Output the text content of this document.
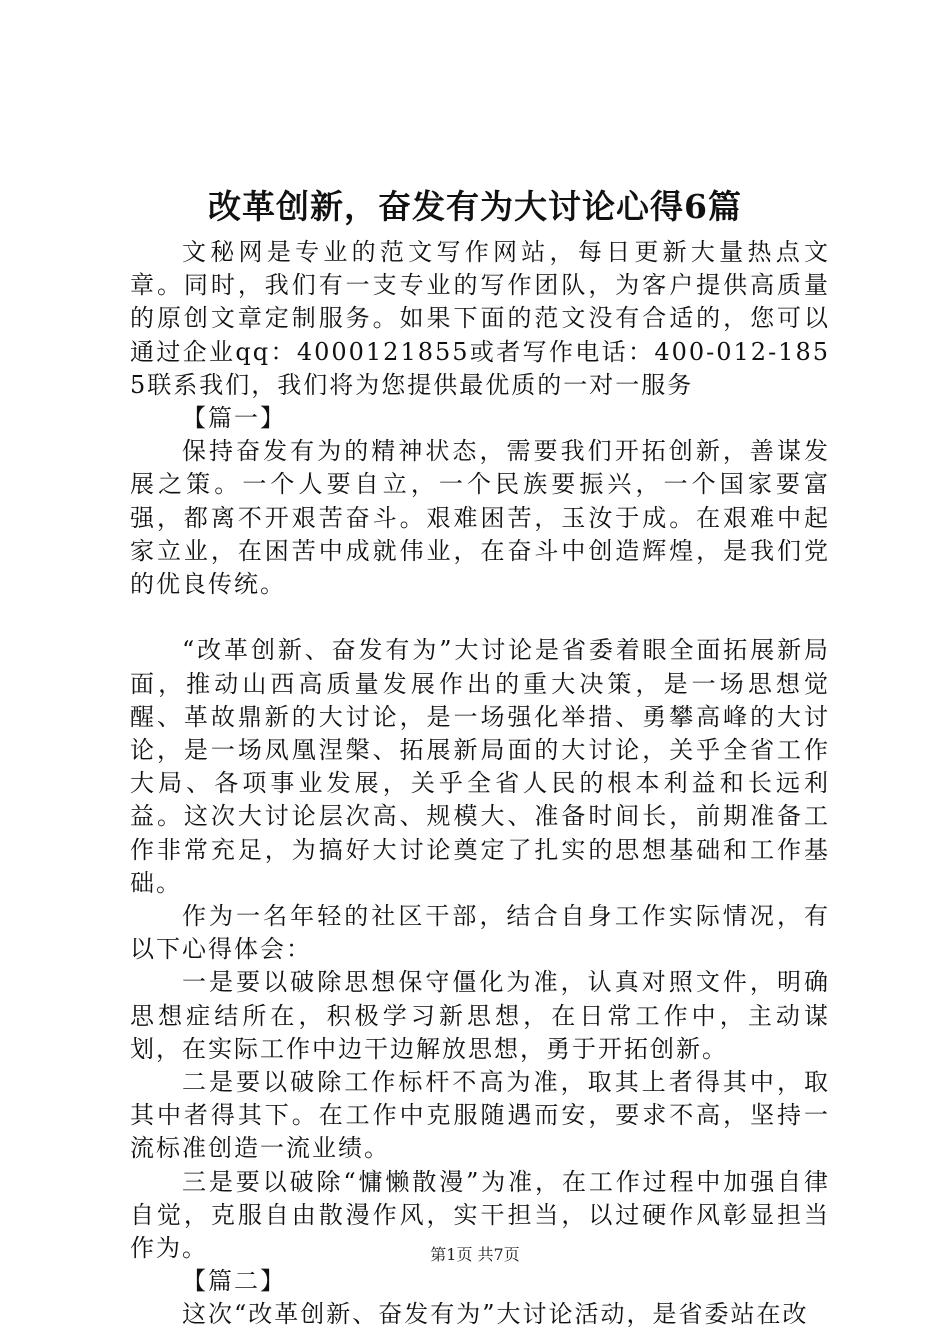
改革创新，奋发有为大讨论心得6篇

文秘网是专业的范文写作网站，每日更新大量热点文章。同时，我们有一支专业的写作团队，为客户提供高质量的原创文章定制服务。如果下面的范文没有合适的，您可以通过企业qq：4000121855或者写作电话：400-012-1855联系我们，我们将为您提供最优质的一对一服务

【篇一】

保持奋发有为的精神状态，需要我们开拓创新，善谋发展之策。一个人要自立，一个民族要振兴，一个国家要富强，都离不开艰苦奋斗。艰难困苦，玉汝于成。在艰难中起家立业，在困苦中成就伟业，在奋斗中创造辉煌，是我们党的优良传统。

“改革创新、奋发有为”大讨论是省委着眼全面拓展新局面，推动山西高质量发展作出的重大决策，是一场思想觉醒、革故鼎新的大讨论，是一场强化举措、勇攀高峰的大讨论，是一场凤凰涅槃、拓展新局面的大讨论，关乎全省工作大局、各项事业发展，关乎全省人民的根本利益和长远利益。这次大讨论层次高、规模大、准备时间长，前期准备工作非常充足，为搞好大讨论奠定了扎实的思想基础和工作基础。

作为一名年轻的社区干部，结合自身工作实际情况，有以下心得体会：

一是要以破除思想保守僵化为准，认真对照文件，明确思想症结所在，积极学习新思想，在日常工作中，主动谋划，在实际工作中边干边解放思想，勇于开拓创新。

二是要以破除工作标杆不高为准，取其上者得其中，取其中者得其下。在工作中克服随遇而安，要求不高，坚持一流标准创造一流业绩。

三是要以破除“慵懒散漫”为准，在工作过程中加强自律自觉，克服自由散漫作风，实干担当，以过硬作风彰显担当作为。

【篇二】

这次“改革创新、奋发有为”大讨论活动，是省委站在改

第1页 共7页
